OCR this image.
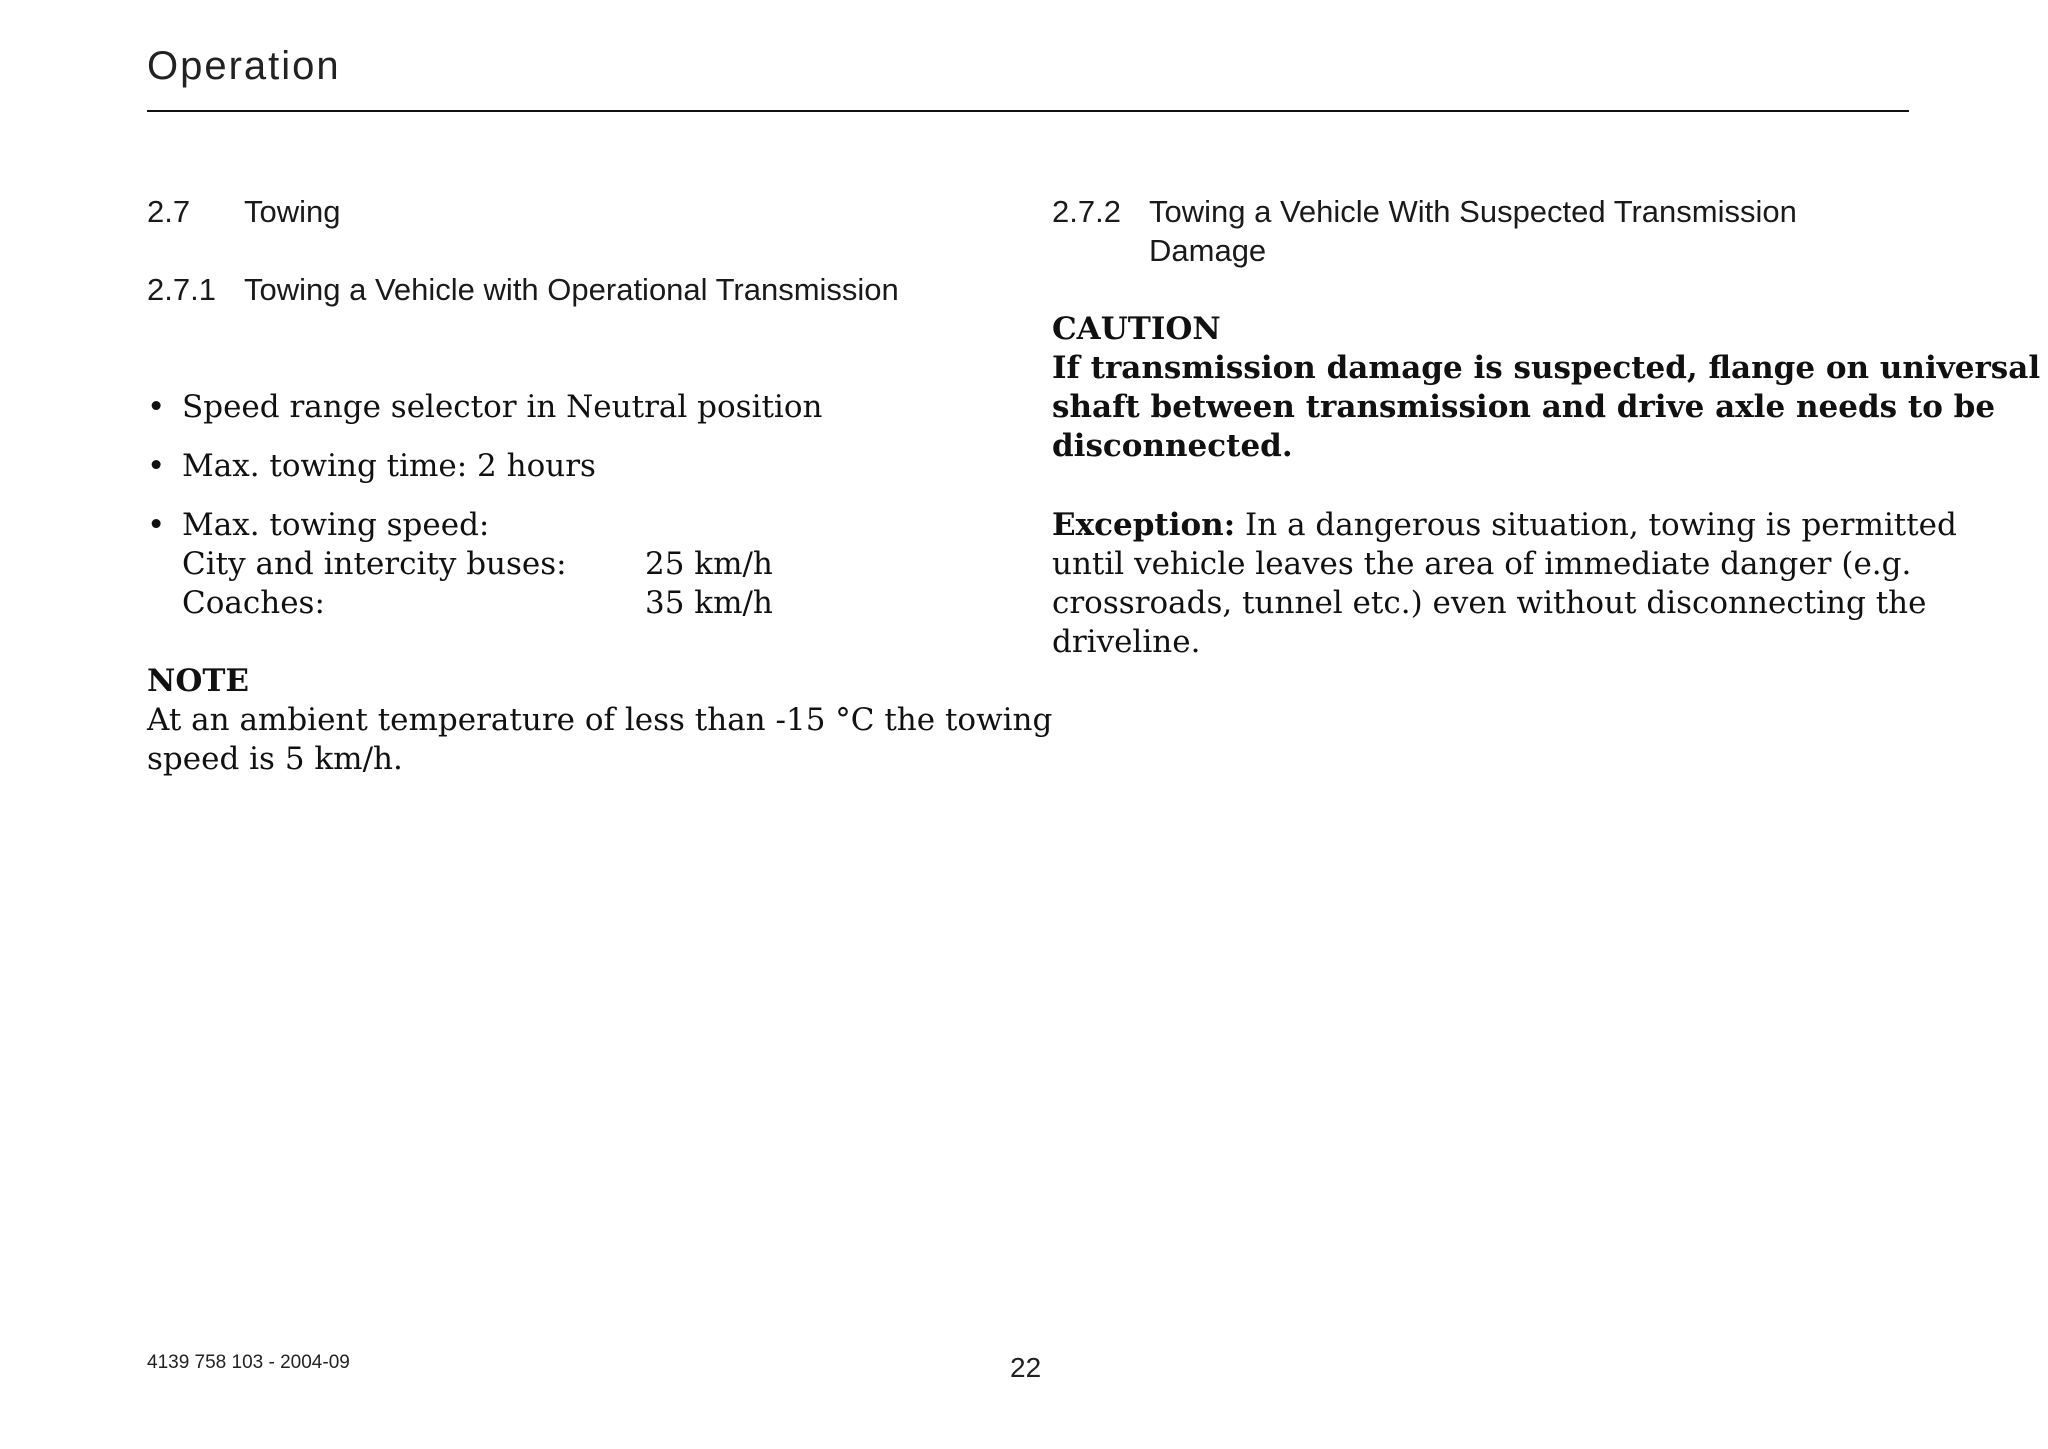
Operation
2.7 Towing
2.7.1 Towing a Vehicle with Operational Transmission
• Speed range selector in Neutral position
• Max. towing time: 2 hours
• Max. towing speed:
City and intercity buses:	25 km/h
Coaches:	35 km/h
NOTE
At an ambient temperature of less than -15 °C the towing
speed is 5 km/h.
2.7.2 Towing a Vehicle With Suspected Transmission
Damage
CAUTION
If transmission damage is suspected, flange on universal
shaft between transmission and drive axle needs to be
disconnected.
Exception: In a dangerous situation, towing is permitted
until vehicle leaves the area of immediate danger (e.g.
crossroads, tunnel etc.) even without disconnecting the
driveline.
4139 758 103 - 2004-09	22
